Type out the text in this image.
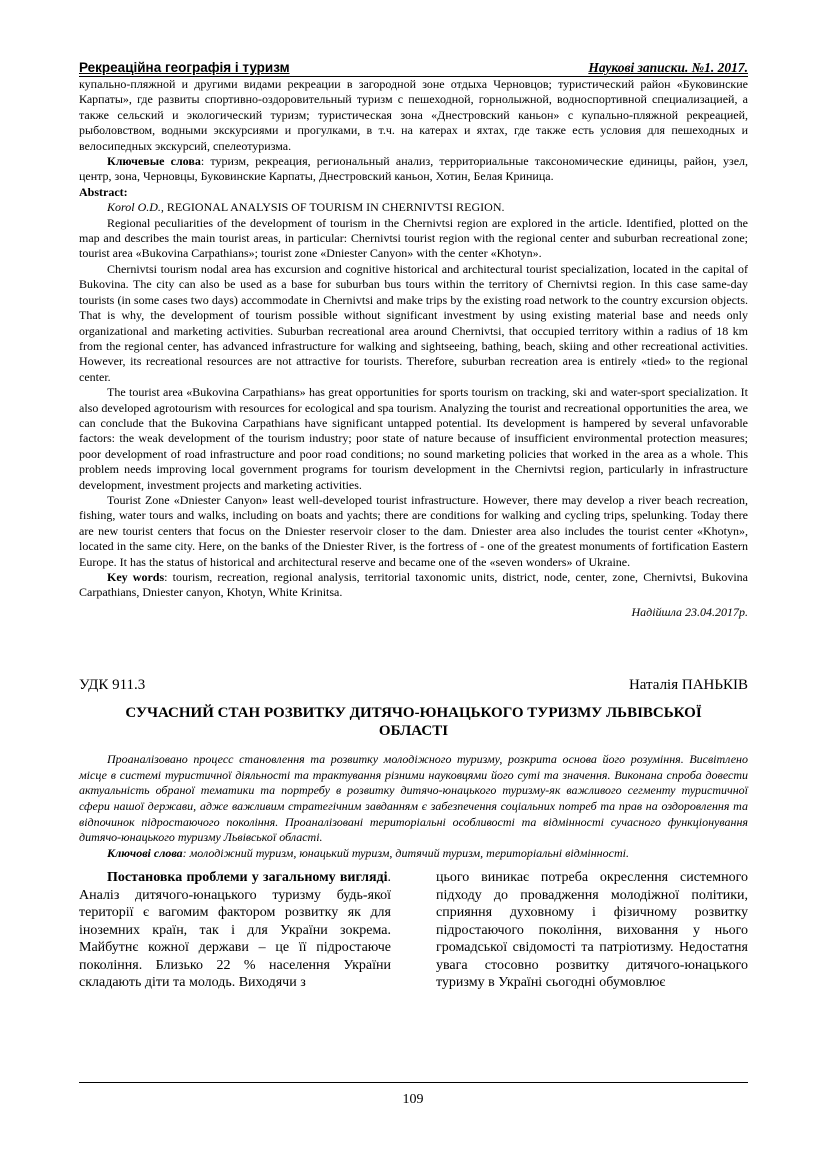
Рекреаційна географія і туризм	Наукові записки. №1. 2017.

купально-пляжной и другими видами рекреации в загородной зоне отдыха Черновцов; туристический район «Буковинские Карпаты», где развиты спортивно-оздоровительный туризм с пешеходной, горнолыжной, водноспортивной специализацией, а также сельский и экологический туризм; туристическая зона «Днестровский каньон» с купально-пляжной рекреацией, рыболовством, водными экскурсиями и прогулками, в т.ч. на катерах и яхтах, где также есть условия для пешеходных и велосипедных экскурсий, спелеотуризма.

Ключевые слова: туризм, рекреация, региональный анализ, территориальные таксономические единицы, район, узел, центр, зона, Черновцы, Буковинские Карпаты, Днестровский каньон, Хотин, Белая Криница.

Abstract:

Korol O.D., REGIONAL ANALYSIS OF TOURISM IN CHERNIVTSI REGION.

Regional peculiarities of the development of tourism in the Chernivtsi region are explored in the article. Identified, plotted on the map and describes the main tourist areas, in particular: Chernivtsi tourist region with the regional center and suburban recreational zone; tourist area «Bukovina Carpathians»; tourist zone «Dniester Canyon» with the center «Khotyn».

Chernivtsi tourism nodal area has excursion and cognitive historical and architectural tourist specialization, located in the capital of Bukovina. The city can also be used as a base for suburban bus tours within the territory of Chernivtsi region. In this case same-day tourists (in some cases two days) accommodate in Chernivtsi and make trips by the existing road network to the country excursion objects. That is why, the development of tourism possible without significant investment by using existing material base and needs only organizational and marketing activities. Suburban recreational area around Chernivtsi, that occupied territory within a radius of 18 km from the regional center, has advanced infrastructure for walking and sightseeing, bathing, beach, skiing and other recreational activities. However, its recreational resources are not attractive for tourists. Therefore, suburban recreation area is entirely «tied» to the regional center.

The tourist area «Bukovina Carpathians» has great opportunities for sports tourism on tracking, ski and water-sport specialization. It also developed agrotourism with resources for ecological and spa tourism. Analyzing the tourist and recreational opportunities the area, we can conclude that the Bukovina Carpathians have significant untapped potential. Its development is hampered by several unfavorable factors: the weak development of the tourism industry; poor state of nature because of insufficient environmental protection measures; poor development of road infrastructure and poor road conditions; no sound marketing policies that worked in the area as a whole. This problem needs improving local government programs for tourism development in the Chernivtsi region, particularly in infrastructure development, investment projects and marketing activities.

Tourist Zone «Dniester Canyon» least well-developed tourist infrastructure. However, there may develop a river beach recreation, fishing, water tours and walks, including on boats and yachts; there are conditions for walking and cycling trips, spelunking. Today there are new tourist centers that focus on the Dniester reservoir closer to the dam. Dniester area also includes the tourist center «Khotyn», located in the same city. Here, on the banks of the Dniester River, is the fortress of - one of the greatest monuments of fortification Eastern Europe. It has the status of historical and architectural reserve and became one of the «seven wonders» of Ukraine.

Key words: tourism, recreation, regional analysis, territorial taxonomic units, district, node, center, zone, Chernivtsi, Bukovina Carpathians, Dniester canyon, Khotyn, White Krinitsa.

Надійшла 23.04.2017р.

УДК 911.3	Наталія ПАНЬКІВ
СУЧАСНИЙ СТАН РОЗВИТКУ ДИТЯЧО-ЮНАЦЬКОГО ТУРИЗМУ ЛЬВІВСЬКОЇ
ОБЛАСТІ

Проаналізовано процесс становлення та розвитку молодіжного туризму, розкрита основа його розуміння. Висвітлено місце в системі туристичної діяльності та трактування різними науковцями його суті та значення. Виконана спроба довести актуальність обраної тематики та портребу в розвитку дитячо-юнацького туризму-як важливого сегменту туристичної сфери нашої держави, адже важливим стратегічним завданням є забезпечення соціальних потреб та прав на оздоровлення та відпочинок підростаючого покоління. Проаналізовані територіальні особливості та відмінності сучасного функціонування дитячо-юнацького туризму Львівської області.

Ключові слова: молодіжний туризм, юнацький туризм, дитячий туризм, територіальні відмінності.

Постановка проблеми у загальному вигляді. Аналіз дитячого-юнацького туризму будь-якої території є вагомим фактором розвитку як для іноземних країн, так і для України зокрема. Майбутнє кожної держави – це її підростаюче покоління. Близько 22 % населення України складають діти та молодь. Виходячи з

цього виникає потреба окреслення системного підходу до провадження молодіжної політики, сприяння духовному і фізичному розвитку підростаючого покоління, виховання у нього громадської свідомості та патріотизму. Недостатня увага стосовно розвитку дитячого-юнацького туризму в Україні сьогодні обумовлює

109
